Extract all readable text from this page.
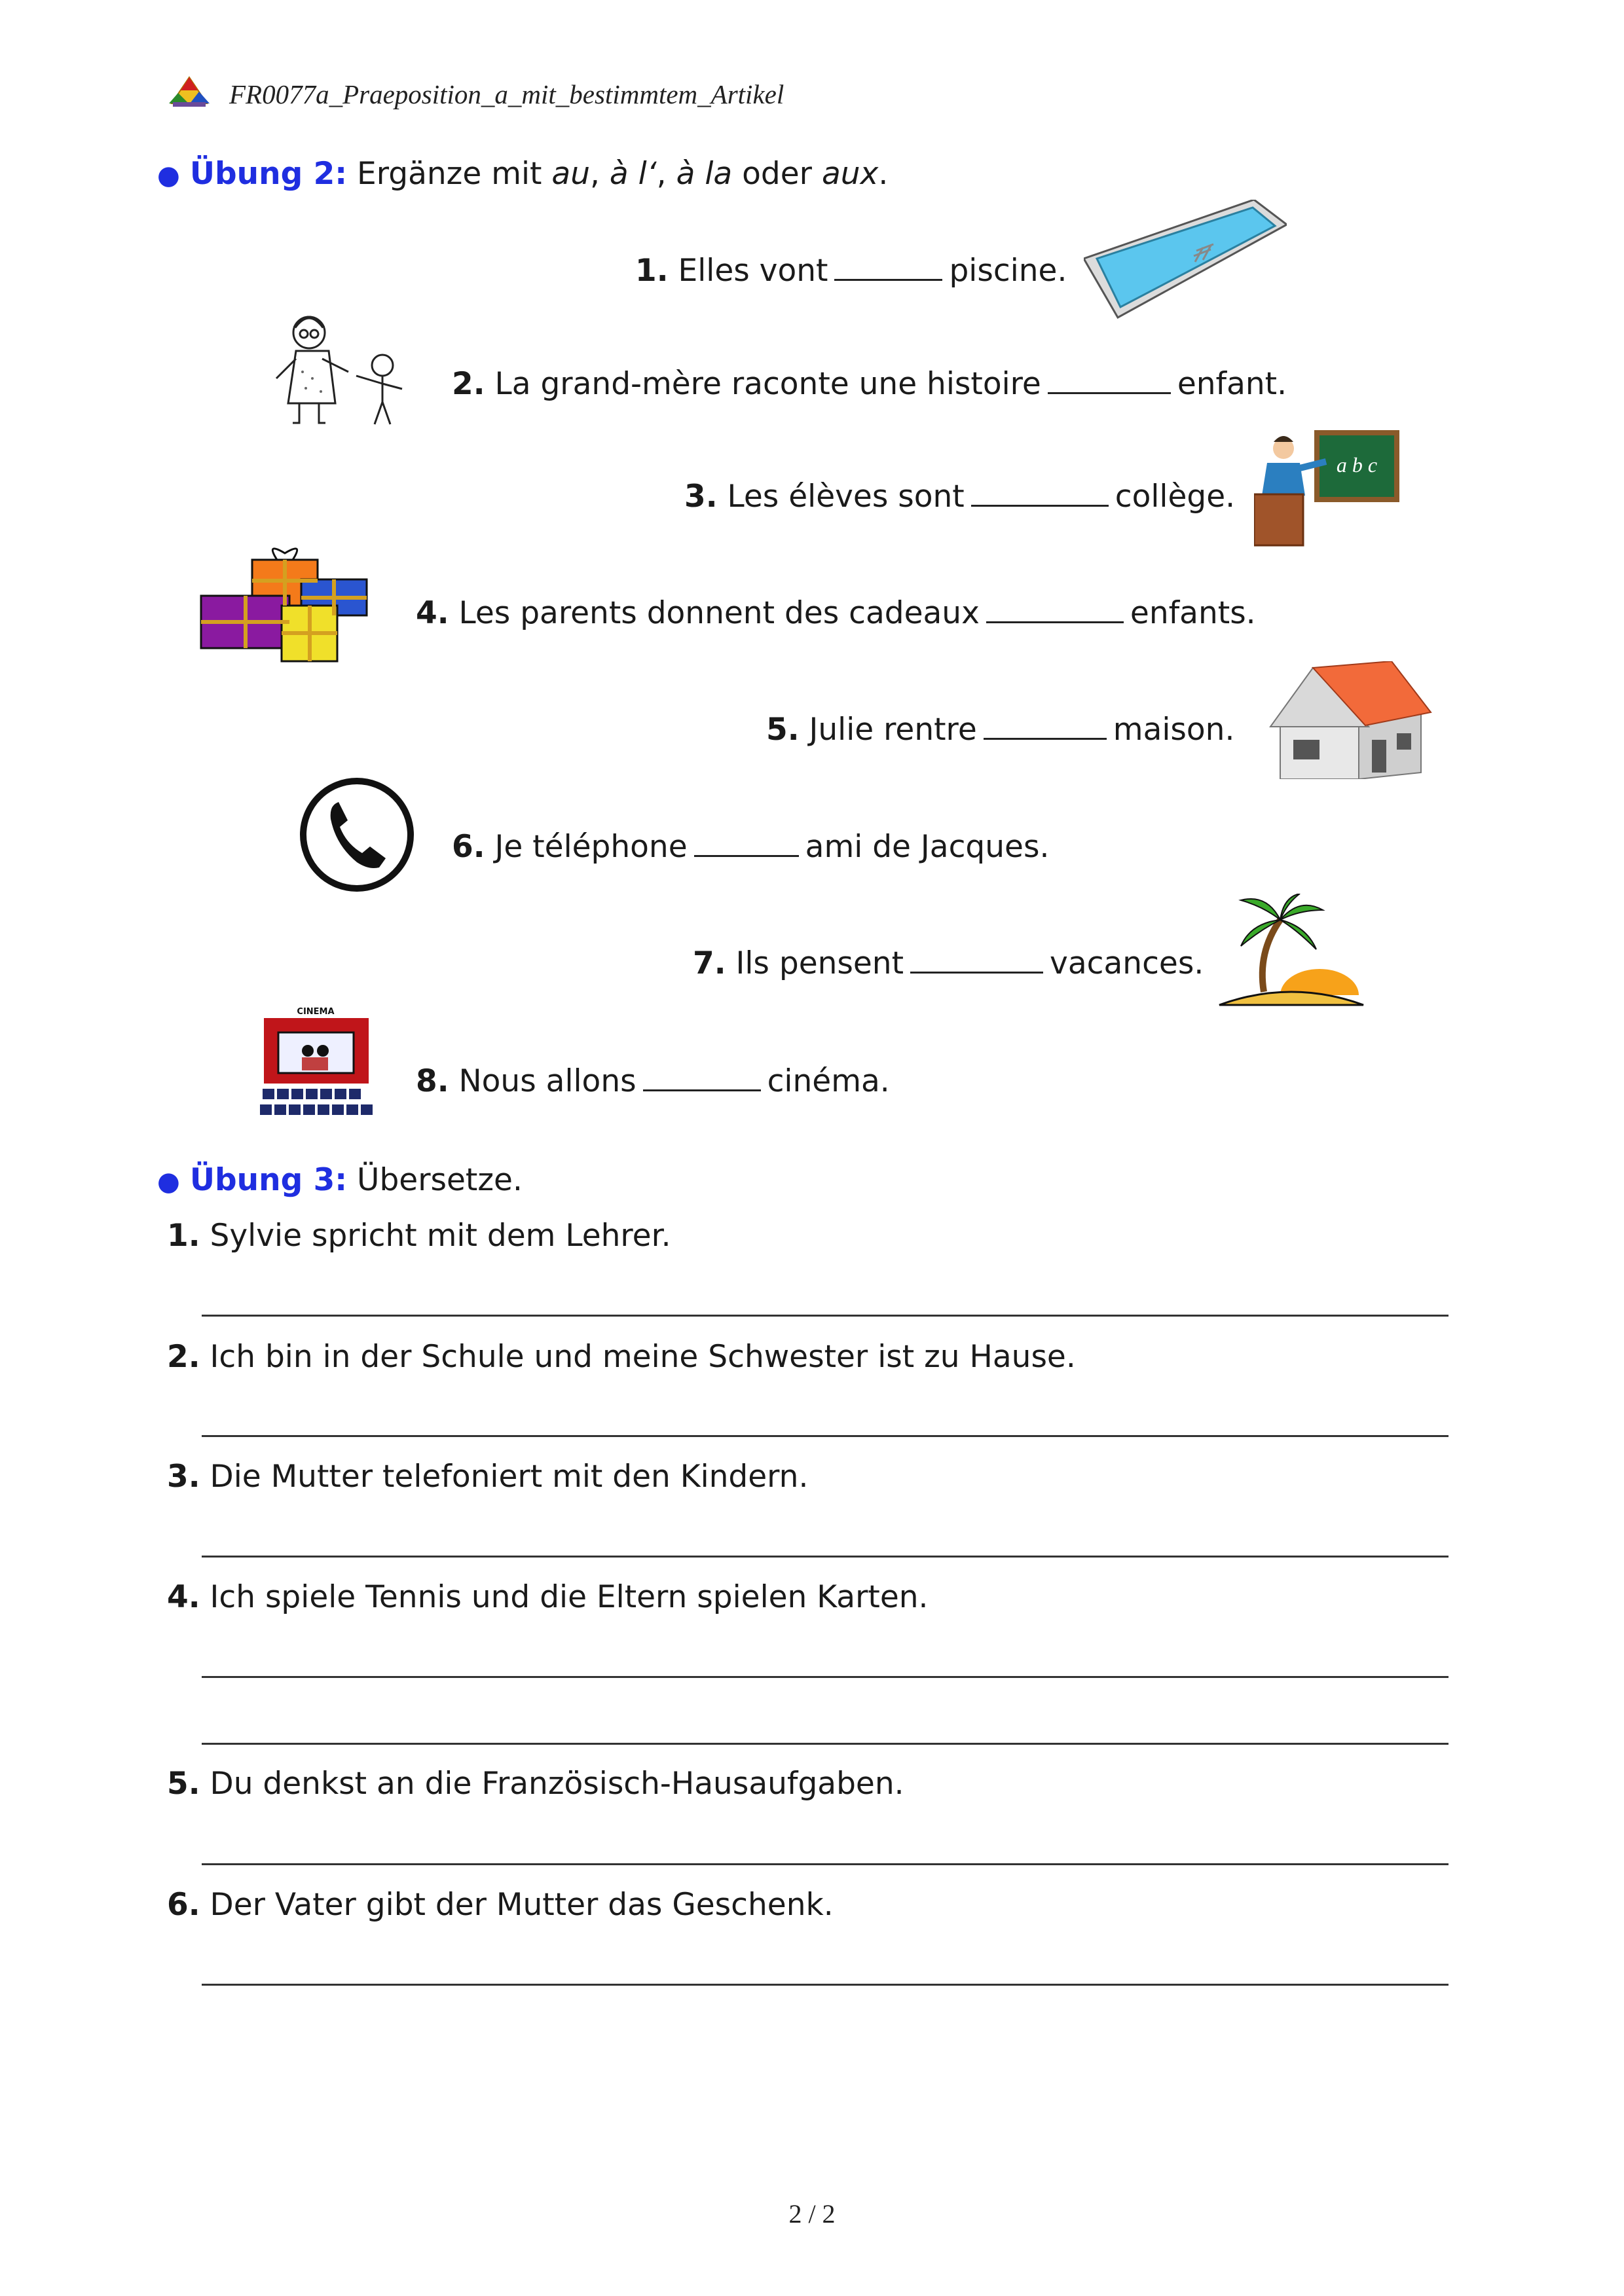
FR0077a_Praeposition_a_mit_bestimmtem_Artikel
● Übung 2: Ergänze mit au, à l‘, à la oder aux.
1. Elles vont	piscine.
2. La grand-mère raconte une histoire	enfant.
3. Les élèves sont	collège.
a b c
4. Les parents donnent des cadeaux	enfants.
5. Julie rentre	maison.
6. Je téléphone	ami de Jacques.
7. Ils pensent	vacances.
CINEMA
8. Nous allons	cinéma.
● Übung 3: Übersetze.
1. Sylvie spricht mit dem Lehrer.
2. Ich bin in der Schule und meine Schwester ist zu Hause.
3. Die Mutter telefoniert mit den Kindern.
4. Ich spiele Tennis und die Eltern spielen Karten.
5. Du denkst an die Französisch-Hausaufgaben.
6. Der Vater gibt der Mutter das Geschenk.
2 / 2
